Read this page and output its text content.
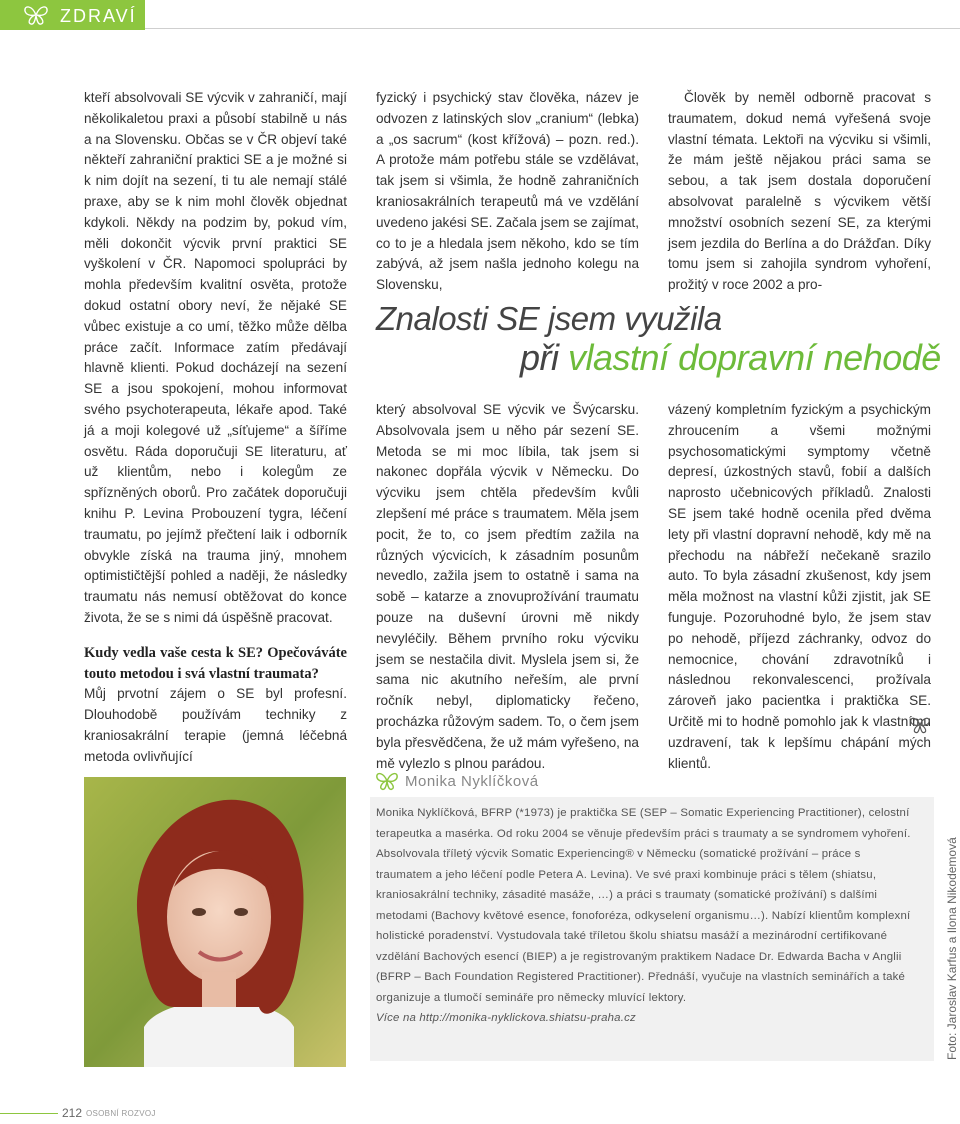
ZDRAVÍ

kteří absolvovali SE výcvik v zahraničí, mají několikaletou praxi a působí stabilně u nás a na Slovensku. Občas se v ČR objeví také někteří zahraniční praktici SE a je možné si k nim dojít na sezení, ti tu ale nemají stálé praxe, aby se k nim mohl člověk objednat kdykoli. Někdy na podzim by, pokud vím, měli dokončit výcvik první praktici SE vyškolení v ČR. Napomoci spolupráci by mohla především kvalitní osvěta, protože dokud ostatní obory neví, že nějaké SE vůbec existuje a co umí, těžko může dělba práce začít. Informace zatím předávají hlavně klienti. Pokud docházejí na sezení SE a jsou spokojení, mohou informovat svého psychoterapeuta, lékaře apod. Také já a moji kolegové už „síťujeme“ a šíříme osvětu. Ráda doporučuji SE literaturu, ať už klientům, nebo i kolegům ze spřízněných oborů. Pro začátek doporučuji knihu P. Levina Probouzení tygra, léčení traumatu, po jejímž přečtení laik i odborník obvykle získá na trauma jiný, mnohem optimističtější pohled a naději, že následky traumatu nás nemusí obtěžovat do konce života, že se s nimi dá úspěšně pracovat.

Kudy vedla vaše cesta k SE? Opečováváte touto metodou i svá vlastní traumata?

Můj prvotní zájem o SE byl profesní. Dlouhodobě používám techniky z kraniosakrální terapie (jemná léčebná metoda ovlivňující

fyzický i psychický stav člověka, název je odvozen z latinských slov „cranium“ (lebka) a „os sacrum“ (kost křížová) – pozn. red.). A protože mám potřebu stále se vzdělávat, tak jsem si všimla, že hodně zahraničních kraniosakrálních terapeutů má ve vzdělání uvedeno jakési SE. Začala jsem se zajímat, co to je a hledala jsem někoho, kdo se tím zabývá, až jsem našla jednoho kolegu na Slovensku,

Člověk by neměl odborně pracovat s traumatem, dokud nemá vyřešená svoje vlastní témata. Lektoři na výcviku si všimli, že mám ještě nějakou práci sama se sebou, a tak jsem dostala doporučení absolvovat paralelně s výcvikem větší množství osobních sezení SE, za kterými jsem jezdila do Berlína a do Drážďan. Díky tomu jsem si zahojila syndrom vyhoření, prožitý v roce 2002 a pro-

Znalosti SE jsem využila
při vlastní dopravní nehodě

který absolvoval SE výcvik ve Švýcarsku. Absolvovala jsem u něho pár sezení SE. Metoda se mi moc líbila, tak jsem si nakonec dopřála výcvik v Německu. Do výcviku jsem chtěla především kvůli zlepšení mé práce s traumatem. Měla jsem pocit, že to, co jsem předtím zažila na různých výcvicích, k zásadním posunům nevedlo, zažila jsem to ostatně i sama na sobě – katarze a znovuprožívání traumatu pouze na duševní úrovni mě nikdy nevyléčily. Během prvního roku výcviku jsem se nestačila divit. Myslela jsem si, že sama nic akutního neřeším, ale první ročník nebyl, diplomaticky řečeno, procházka růžovým sadem. To, o čem jsem byla přesvědčena, že už mám vyřešeno, na mě vylezlo s plnou parádou.

vázený kompletním fyzickým a psychickým zhroucením a všemi možnými psychosomatickými symptomy včetně depresí, úzkostných stavů, fobií a dalších naprosto učebnicových příkladů. Znalosti SE jsem také hodně ocenila před dvěma lety při vlastní dopravní nehodě, kdy mě na přechodu na nábřeží nečekaně srazilo auto. To byla zásadní zkušenost, kdy jsem měla možnost na vlastní kůži zjistit, jak SE funguje. Pozoruhodné bylo, že jsem stav po nehodě, příjezd záchranky, odvoz do nemocnice, chování zdravotníků i následnou rekonvalescenci, prožívala zároveň jako pacientka i praktička SE. Určitě mi to hodně pomohlo jak k vlastnímu uzdravení, tak k lepšímu chápání mých klientů.

Monika Nyklíčková
Monika Nyklíčková, BFRP (*1973) je praktička SE (SEP – Somatic Experiencing Practitioner), celostní terapeutka a masérka. Od roku 2004 se věnuje především práci s traumaty a se syndromem vyhoření. Absolvovala tříletý výcvik Somatic Experiencing® v Německu (somatické prožívání – práce s traumatem a jeho léčení podle Petera A. Levina). Ve své praxi kombinuje práci s tělem (shiatsu, kraniosakrální techniky, zásadité masáže, …) a práci s traumaty (somatické prožívání) s dalšími metodami (Bachovy květové esence, fonoforéza, odkyselení organismu…). Nabízí klientům komplexní holistické poradenství. Vystudovala také tříletou školu shiatsu masáží a mezinárodní certifikované vzdělání Bachových esencí (BIEP) a je registrovaným praktikem Nadace Dr. Edwarda Bacha v Anglii (BFRP – Bach Foundation Registered Practitioner). Přednáší, vyučuje na vlastních seminářích a také organizuje a tlumočí semináře pro německy mluvící lektory.
Více na http://monika-nyklickova.shiatsu-praha.cz	Foto: Jaroslav Karfus a Ilona Nikodemová
212 OSOBNÍ ROZVOJ
